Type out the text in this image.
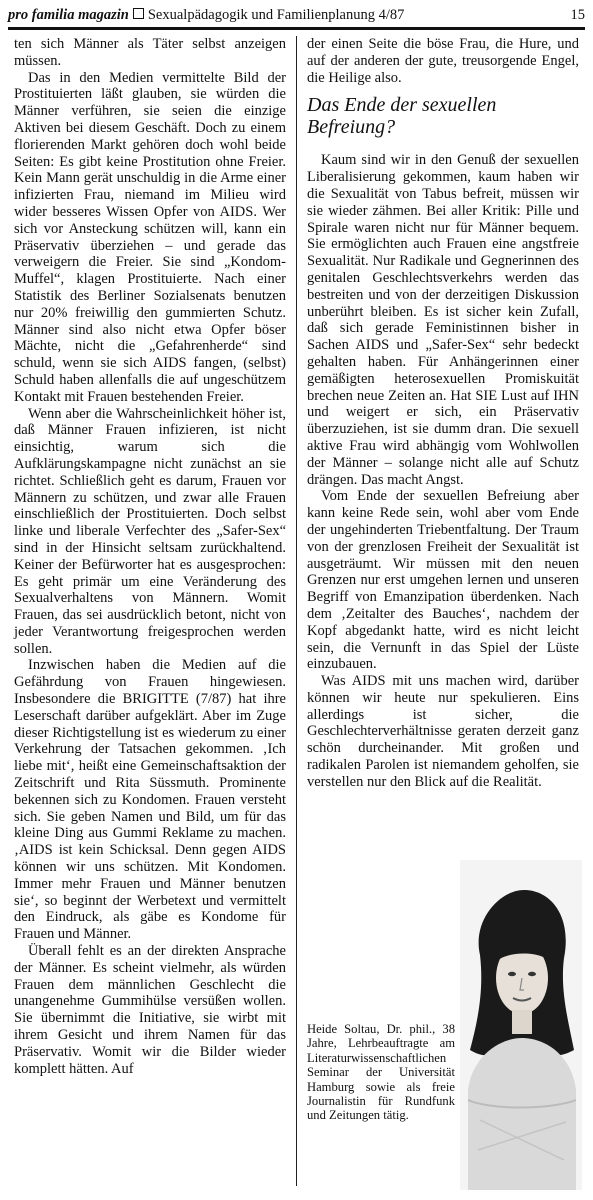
pro familia magazin Sexualpädagogik und Familienplanung 4/87	15

ten sich Männer als Täter selbst anzeigen müssen.

Das in den Medien vermittelte Bild der Prostituierten läßt glauben, sie würden die Männer verführen, sie seien die einzige Aktiven bei diesem Geschäft. Doch zu einem florierenden Markt gehören doch wohl beide Seiten: Es gibt keine Prostitution ohne Freier. Kein Mann gerät unschuldig in die Arme einer infizierten Frau, niemand im Milieu wird wider besseres Wissen Opfer von AIDS. Wer sich vor Ansteckung schützen will, kann ein Präservativ überziehen – und gerade das verweigern die Freier. Sie sind „Kondom-Muffel“, klagen Prostituierte. Nach einer Statistik des Berliner Sozialsenats benutzen nur 20% freiwillig den gummierten Schutz. Männer sind also nicht etwa Opfer böser Mächte, nicht die „Gefahrenherde“ sind schuld, wenn sie sich AIDS fangen, (selbst) Schuld haben allenfalls die auf ungeschützem Kontakt mit Frauen bestehenden Freier.

Wenn aber die Wahrscheinlichkeit höher ist, daß Männer Frauen infizieren, ist nicht einsichtig, warum sich die Aufklärungskampagne nicht zunächst an sie richtet. Schließlich geht es darum, Frauen vor Männern zu schützen, und zwar alle Frauen einschließlich der Prostituierten. Doch selbst linke und liberale Verfechter des „Safer-Sex“ sind in der Hinsicht seltsam zurückhaltend. Keiner der Befürworter hat es ausgesprochen: Es geht primär um eine Veränderung des Sexualverhaltens von Männern. Womit Frauen, das sei ausdrücklich betont, nicht von jeder Verantwortung freigesprochen werden sollen.

Inzwischen haben die Medien auf die Gefährdung von Frauen hingewiesen. Insbesondere die BRIGITTE (7/87) hat ihre Leserschaft darüber aufgeklärt. Aber im Zuge dieser Richtigstellung ist es wiederum zu einer Verkehrung der Tatsachen gekommen. ‚Ich liebe mit‘, heißt eine Gemeinschaftsaktion der Zeitschrift und Rita Süssmuth. Prominente bekennen sich zu Kondomen. Frauen versteht sich. Sie geben Namen und Bild, um für das kleine Ding aus Gummi Reklame zu machen. ‚AIDS ist kein Schicksal. Denn gegen AIDS können wir uns schützen. Mit Kondomen. Immer mehr Frauen und Männer benutzen sie‘, so beginnt der Werbetext und vermittelt den Eindruck, als gäbe es Kondome für Frauen und Männer.

Überall fehlt es an der direkten Ansprache der Männer. Es scheint vielmehr, als würden Frauen dem männlichen Geschlecht die unangenehme Gummihülse versüßen wollen. Sie übernimmt die Initiative, sie wirbt mit ihrem Gesicht und ihrem Namen für das Präservativ. Womit wir die Bilder wieder komplett hätten. Auf

der einen Seite die böse Frau, die Hure, und auf der anderen der gute, treusorgende Engel, die Heilige also.

Das Ende der sexuellen Befreiung?

Kaum sind wir in den Genuß der sexuellen Liberalisierung gekommen, kaum haben wir die Sexualität von Tabus befreit, müssen wir sie wieder zähmen. Bei aller Kritik: Pille und Spirale waren nicht nur für Männer bequem. Sie ermöglichten auch Frauen eine angstfreie Sexualität. Nur Radikale und Gegnerinnen des genitalen Geschlechtsverkehrs werden das bestreiten und von der derzeitigen Diskussion unberührt bleiben. Es ist sicher kein Zufall, daß sich gerade Feministinnen bisher in Sachen AIDS und „Safer-Sex“ sehr bedeckt gehalten haben. Für Anhängerinnen einer gemäßigten heterosexuellen Promiskuität brechen neue Zeiten an. Hat SIE Lust auf IHN und weigert er sich, ein Präservativ überzuziehen, ist sie dumm dran. Die sexuell aktive Frau wird abhängig vom Wohlwollen der Männer – solange nicht alle auf Schutz drängen. Das macht Angst.

Vom Ende der sexuellen Befreiung aber kann keine Rede sein, wohl aber vom Ende der ungehinderten Triebentfaltung. Der Traum von der grenzlosen Freiheit der Sexualität ist ausgeträumt. Wir müssen mit den neuen Grenzen nur erst umgehen lernen und unseren Begriff von Emanzipation überdenken. Nach dem ‚Zeitalter des Bauches‘, nachdem der Kopf abgedankt hatte, wird es nicht leicht sein, die Vernunft in das Spiel der Lüste einzubauen.

Was AIDS mit uns machen wird, darüber können wir heute nur spekulieren. Eins allerdings ist sicher, die Geschlechterverhältnisse geraten derzeit ganz schön durcheinander. Mit großen und radikalen Parolen ist niemandem geholfen, sie verstellen nur den Blick auf die Realität.

Heide Soltau, Dr. phil., 38 Jahre, Lehrbeauftragte am Literaturwissenschaftlichen Seminar der Universität Hamburg sowie als freie Journalistin für Rundfunk und Zeitungen tätig.
